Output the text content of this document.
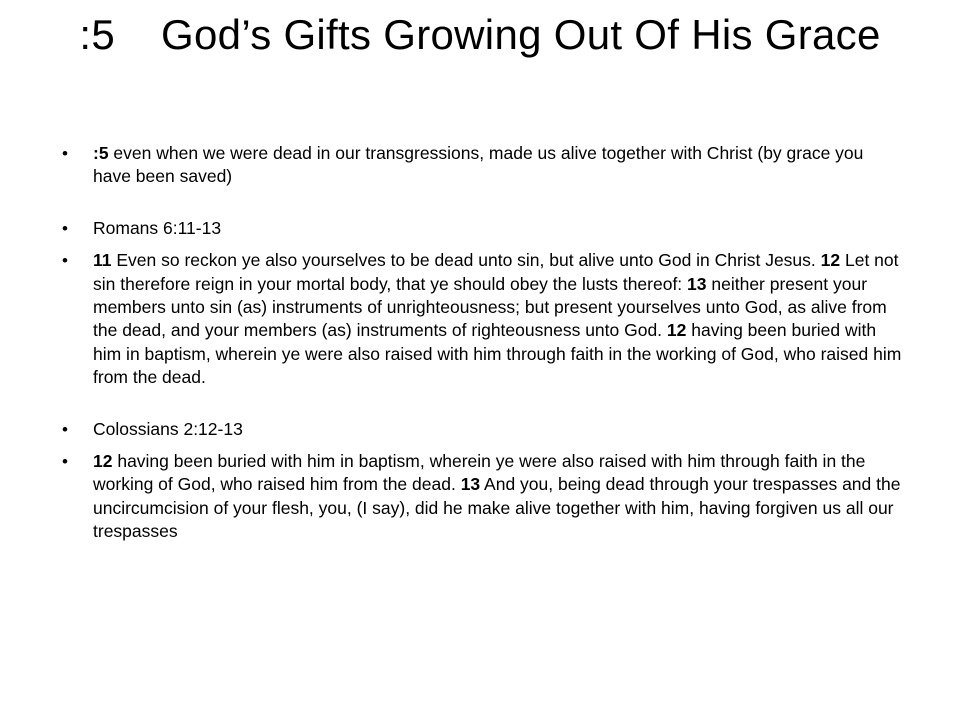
:5 God’s Gifts Growing Out Of His Grace
• :5 even when we were dead in our transgressions, made us alive together with Christ (by grace you have been saved)
• Romans 6:11-13
• 11 Even so reckon ye also yourselves to be dead unto sin, but alive unto God in Christ Jesus. 12 Let not sin therefore reign in your mortal body, that ye should obey the lusts thereof: 13 neither present your members unto sin (as) instruments of unrighteousness; but present yourselves unto God, as alive from the dead, and your members (as) instruments of righteousness unto God. 12 having been buried with him in baptism, wherein ye were also raised with him through faith in the working of God, who raised him from the dead.
• Colossians 2:12-13
• 12 having been buried with him in baptism, wherein ye were also raised with him through faith in the working of God, who raised him from the dead. 13 And you, being dead through your trespasses and the uncircumcision of your flesh, you, (I say), did he make alive together with him, having forgiven us all our trespasses
